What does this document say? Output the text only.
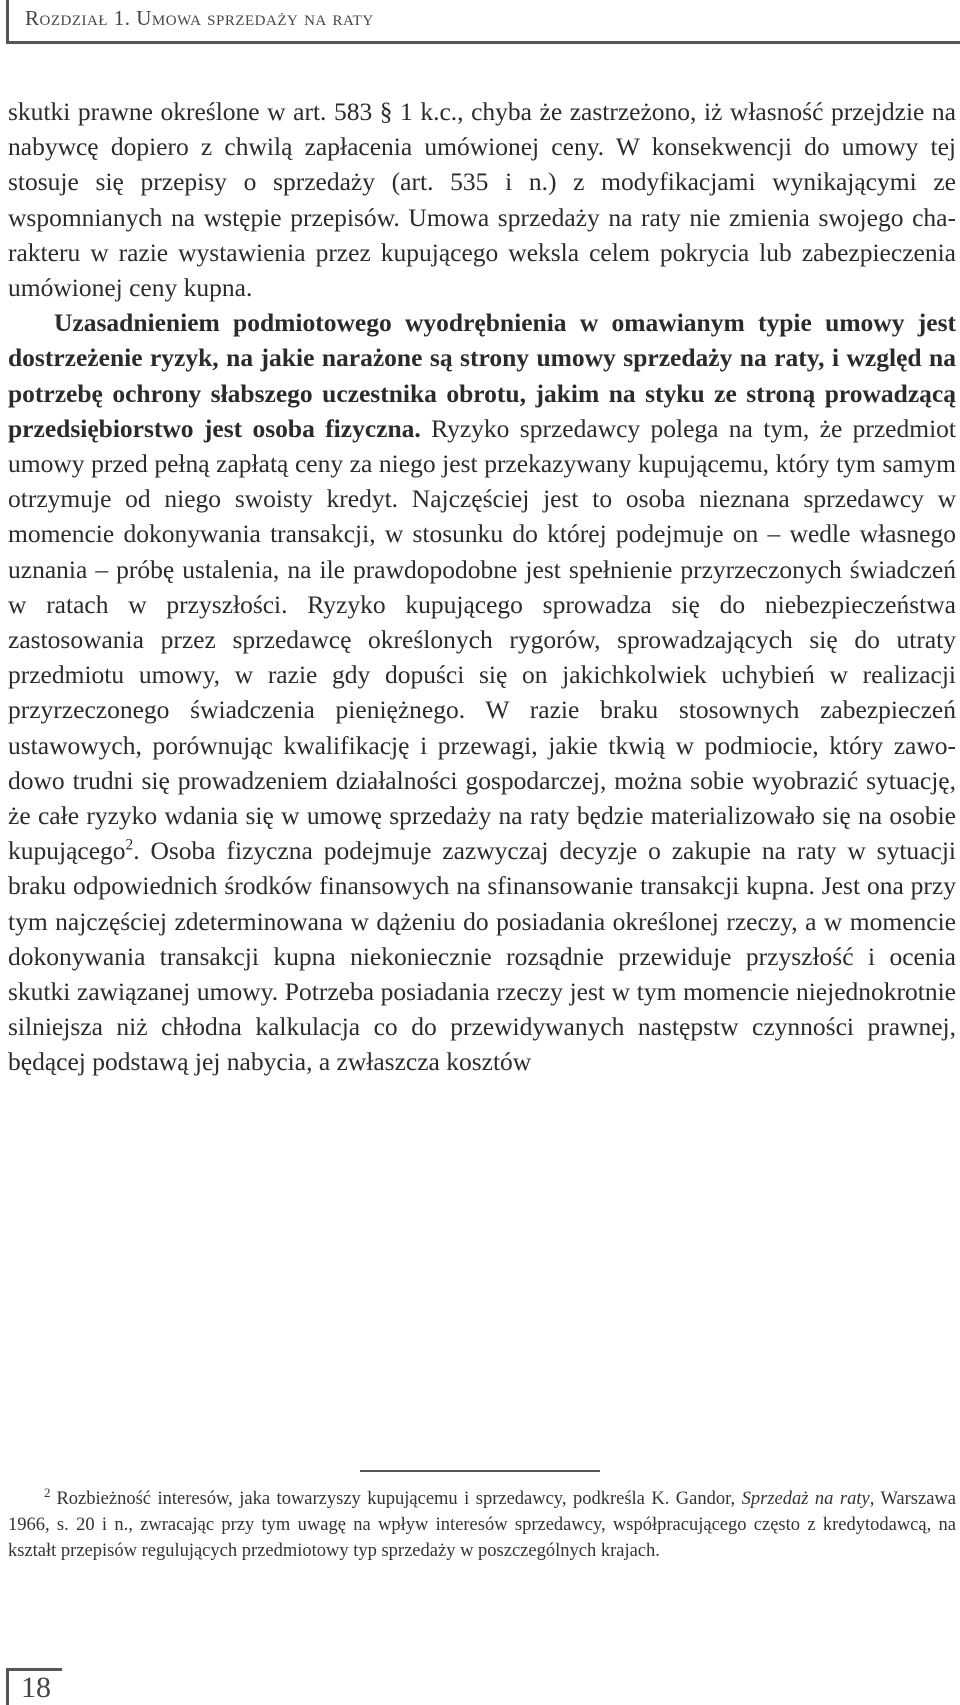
Rozdział 1. Umowa sprzedaży na raty

skutki prawne określone w art. 583 § 1 k.c., chyba że zastrzeżono, iż własność przejdzie na nabywcę dopiero z chwilą zapłacenia umówionej ceny. W konsekwencji do umowy tej stosuje się przepisy o sprzedaży (art. 535 i n.) z modyfikacjami wynikającymi ze wspomnianych na wstępie przepisów. Umowa sprzedaży na raty nie zmienia swojego charakteru w razie wystawienia przez kupującego weksla celem pokrycia lub zabezpieczenia umówionej ceny kupna.

Uzasadnieniem podmiotowego wyodrębnienia w omawianym typie umowy jest dostrzeżenie ryzyk, na jakie narażone są strony umowy sprzedaży na raty, i względ na potrzebę ochrony słabszego uczestnika obrotu, jakim na styku ze stroną prowadzącą przedsiębiorstwo jest osoba fizyczna. Ryzyko sprzedawcy polega na tym, że przedmiot umowy przed pełną zapłatą ceny za niego jest przekazywany kupującemu, który tym samym otrzymuje od niego swoisty kredyt. Najczęściej jest to osoba nieznana sprzedawcy w momencie dokonywania transakcji, w stosunku do której podejmuje on – wedle własnego uznania – próbę ustalenia, na ile prawdopodobne jest spełnienie przyrzeczonych świadczeń w ratach w przyszłości. Ryzyko kupującego sprowadza się do niebezpieczeństwa zastosowania przez sprzedawcę określonych rygorów, sprowadzających się do utraty przedmiotu umowy, w razie gdy dopuści się on jakichkolwiek uchybień w realizacji przyrzeczonego świadczenia pieniężnego. W razie braku stosownych zabezpieczeń ustawowych, porównując kwalifikację i przewagi, jakie tkwią w podmiocie, który zawodowo trudni się prowadzeniem działalności gospodarczej, można sobie wyobrazić sytuację, że całe ryzyko wdania się w umowę sprzedaży na raty będzie materializowało się na osobie kupującego$^2$. Osoba fizyczna podejmuje zazwyczaj decyzje o zakupie na raty w sytuacji braku odpowiednich środków finansowych na sfinansowanie transakcji kupna. Jest ona przy tym najczęściej zdeterminowana w dążeniu do posiadania określonej rzeczy, a w momencie dokonywania transakcji kupna niekoniecznie rozsądnie przewiduje przyszłość i ocenia skutki zawiązanej umowy. Potrzeba posiadania rzeczy jest w tym momencie niejednokrotnie silniejsza niż chłodna kalkulacja co do przewidywanych następstw czynności prawnej, będącej podstawą jej nabycia, a zwłaszcza kosztów

$^2$ Rozbieżność interesów, jaka towarzyszy kupującemu i sprzedawcy, podkreśla K. Gandor, Sprzedaż na raty, Warszawa 1966, s. 20 i n., zwracając przy tym uwagę na wpływ interesów sprzedawcy, współpracującego często z kredytodawcą, na kształt przepisów regulujących przedmiotowy typ sprzedaży w poszczególnych krajach.

18
